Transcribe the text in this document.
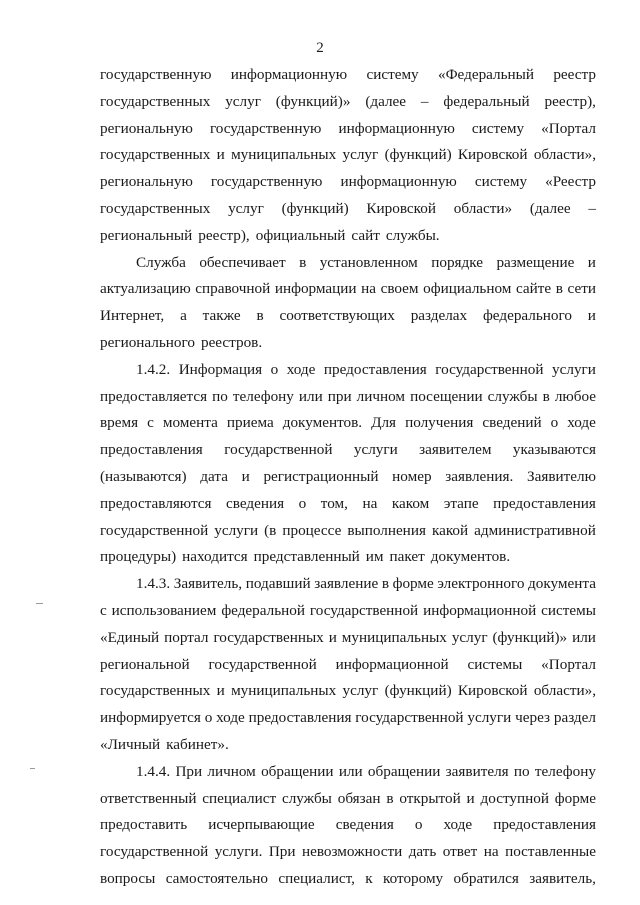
2
государственную информационную систему «Федеральный реестр
государственных услуг (функций)» (далее – федеральный реестр),
региональную государственную информационную систему «Портал
государственных и муниципальных услуг (функций) Кировской области»,
региональную государственную информационную систему «Реестр
государственных услуг (функций) Кировской области» (далее –
региональный реестр), официальный сайт службы.
Служба обеспечивает в установленном порядке размещение и
актуализацию справочной информации на своем официальном сайте в сети
Интернет, а также в соответствующих разделах федерального и
регионального реестров.
1.4.2. Информация о ходе предоставления государственной услуги
предоставляется по телефону или при личном посещении службы в любое
время с момента приема документов. Для получения сведений о ходе
предоставления государственной услуги заявителем указываются
(называются) дата и регистрационный номер заявления. Заявителю
предоставляются сведения о том, на каком этапе предоставления
государственной услуги (в процессе выполнения какой административной
процедуры) находится представленный им пакет документов.
1.4.3. Заявитель, подавший заявление в форме электронного документа
с использованием федеральной государственной информационной системы
«Единый портал государственных и муниципальных услуг (функций)» или
региональной государственной информационной системы «Портал
государственных и муниципальных услуг (функций) Кировской области»,
информируется о ходе предоставления государственной услуги через раздел
«Личный кабинет».
1.4.4. При личном обращении или обращении заявителя по телефону
ответственный специалист службы обязан в открытой и доступной форме
предоставить исчерпывающие сведения о ходе предоставления
государственной услуги. При невозможности дать ответ на поставленные
вопросы самостоятельно специалист, к которому обратился заявитель,
